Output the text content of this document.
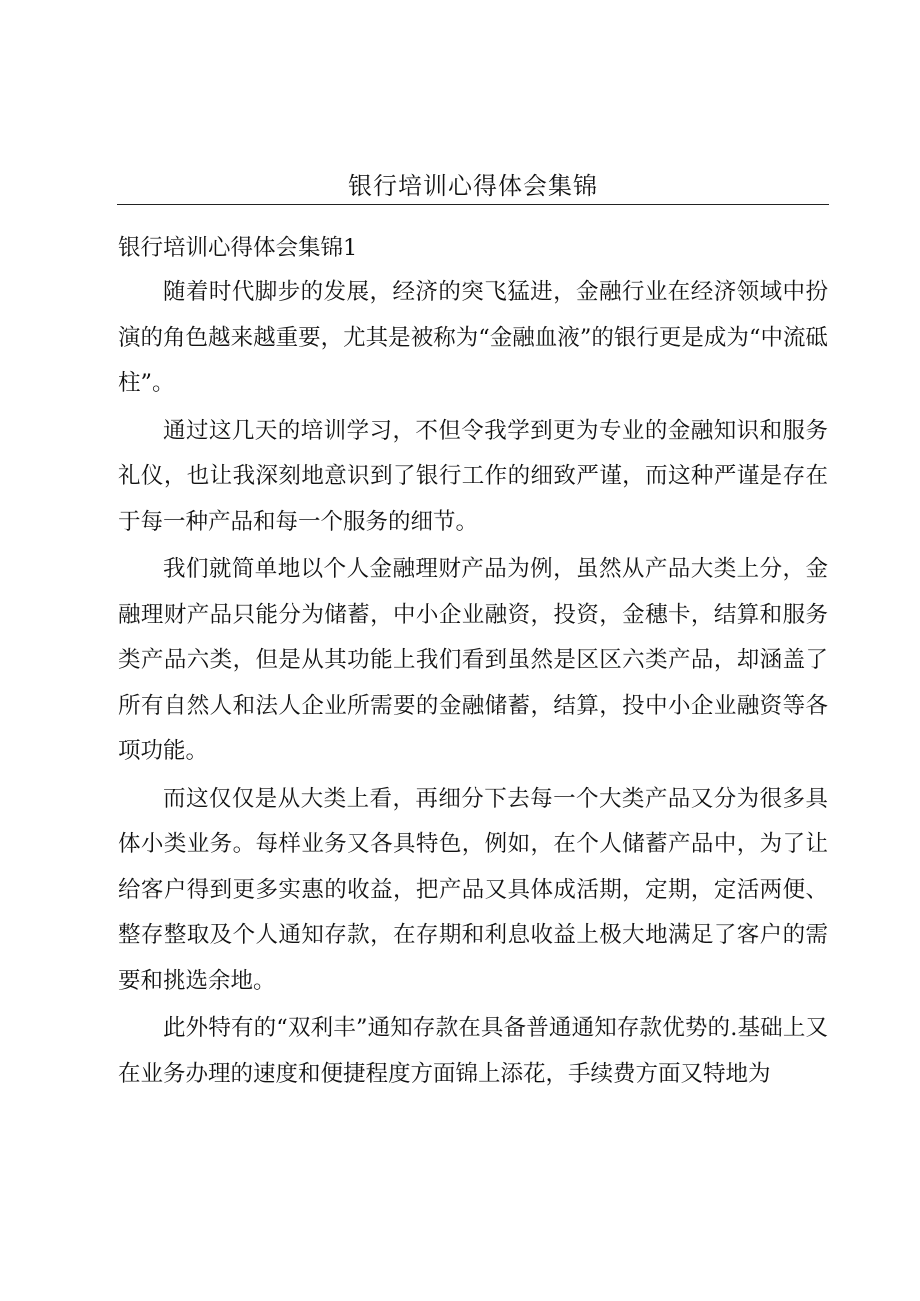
银行培训心得体会集锦
银行培训心得体会集锦1

随着时代脚步的发展，经济的突飞猛进，金融行业在经济领域中扮演的角色越来越重要，尤其是被称为“金融血液”的银行更是成为“中流砥柱”。

通过这几天的培训学习，不但令我学到更为专业的金融知识和服务礼仪，也让我深刻地意识到了银行工作的细致严谨，而这种严谨是存在于每一种产品和每一个服务的细节。

我们就简单地以个人金融理财产品为例，虽然从产品大类上分，金融理财产品只能分为储蓄，中小企业融资，投资，金穗卡，结算和服务类产品六类，但是从其功能上我们看到虽然是区区六类产品，却涵盖了所有自然人和法人企业所需要的金融储蓄，结算，投中小企业融资等各项功能。

而这仅仅是从大类上看，再细分下去每一个大类产品又分为很多具体小类业务。每样业务又各具特色，例如，在个人储蓄产品中，为了让给客户得到更多实惠的收益，把产品又具体成活期，定期，定活两便、整存整取及个人通知存款，在存期和利息收益上极大地满足了客户的需要和挑选余地。

此外特有的“双利丰”通知存款在具备普通通知存款优势的.基础上又在业务办理的速度和便捷程度方面锦上添花，手续费方面又特地为
